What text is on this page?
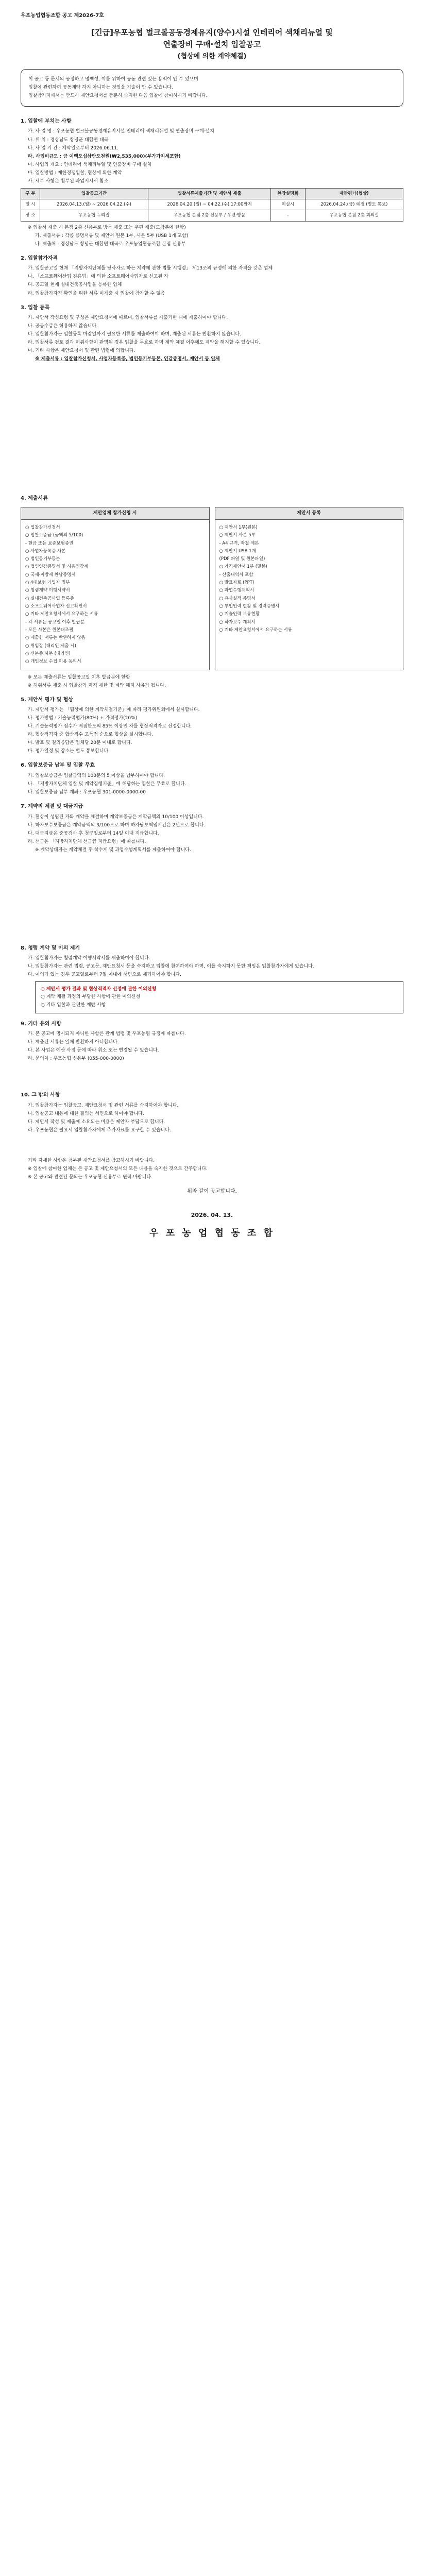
우포농업협동조합 공고 제2026-7호
[긴급]우포농협 벌크볼공동경제유지(양수)시설 인테리어 색채리뉴얼 및
연출장비 구매·설치 입찰공고
(협상에 의한 계약체결)

이 공고 등 문서의 공정하고 명백성, 이를 위하여 공동 관련 있는 용역이 안 수 있으며

입찰에 관련하여 공동계약 하지 아니하는 것임을 기술이 안 수 있습니다.

입찰참가자께서는 반드시 제안요청서를 충분히 숙지한 다음 입찰에 참여하시기 바랍니다.

1. 입찰에 부치는 사항
가. 사 업 명 : 우포농협 벌크볼공동경제유지시설 인테리어 색채리뉴얼 및 연출장비 구매·설치
나. 위 치 : 경상남도 창녕군 대합면 대곡
다. 사 업 기 간 : 계약일로부터 2026.06.11.
라. 사업비규모 : 금 이백오십삼만오천원(₩2,535,000)(부가가치세포함)
마. 사업의 개요 : 인테리어 색채리뉴얼 및 연출장비 구매 설치
바. 입찰방법 : 제한경쟁입찰, 협상에 의한 계약
사. 세부 사항은 첨부된 과업지시서 참조
구 분	입찰공고기간	입찰서류제출기간 및 제안서 제출	현장설명회	제안평가(협상)
일 시	2026.04.13.(월) ~ 2026.04.22.(수)	2026.04.20.(월) ~ 04.22.(수) 17:00까지	미실시	2026.04.24.(금) 예정 (별도 통보)
장 소	우포농협 누리집	우포농협 본점 2층 신용부 / 우편·방문	-	우포농협 본점 2층 회의실
※ 입찰서 제출 시 본점 2층 신용부로 방문 제출 또는 우편 제출(도착분에 한함)
가. 제출서류 : 각종 증명서류 및 제안서 원본 1부, 사본 5부 (USB 1개 포함)
나. 제출처 : 경상남도 창녕군 대합면 대곡로 우포농업협동조합 본점 신용부
2. 입찰참가자격
가. 입찰공고일 현재 「지방자치단체를 당사자로 하는 계약에 관한 법률 시행령」 제13조의 규정에 의한 자격을 갖춘 업체
나. 「소프트웨어산업 진흥법」에 의한 소프트웨어사업자로 신고된 자
다. 공고일 현재 실내건축공사업을 등록한 업체
라. 입찰참가자격 확인을 위한 서류 미제출 시 입찰에 참가할 수 없음
3. 입찰 등록
가. 제안서 작성요령 및 구성은 제안요청서에 따르며, 입찰서류를 제출기한 내에 제출하여야 합니다.
나. 공동수급은 허용하지 않습니다.
다. 입찰참가자는 입찰등록 마감일까지 필요한 서류를 제출하여야 하며, 제출된 서류는 반환하지 않습니다.
라. 입찰서류 검토 결과 허위사항이 판명된 경우 입찰을 무효로 하며 계약 체결 이후에도 계약을 해지할 수 있습니다.
마. 기타 사항은 제안요청서 및 관련 법령에 의합니다.
※ 제출서류 : 입찰참가신청서, 사업자등록증, 법인등기부등본, 인감증명서, 제안서 등 일체
4. 제출서류
제안업체 참가신청 시
○ 입찰참가신청서
○ 입찰보증금 (금액의 5/100)
- 현금 또는 보증보험증권
○ 사업자등록증 사본
○ 법인등기부등본
○ 법인인감증명서 및 사용인감계
○ 국세·지방세 완납증명서
○ 4대보험 가입자 명부
○ 청렴계약 이행서약서
○ 실내건축공사업 등록증
○ 소프트웨어사업자 신고확인서
○ 기타 제안요청서에서 요구하는 서류
- 각 서류는 공고일 이후 발급분
- 모든 사본은 원본대조필
○ 제출한 서류는 반환하지 않음
○ 위임장 (대리인 제출 시)
○ 신분증 사본 (대리인)
○ 개인정보 수집·이용 동의서
제안서 등록
○ 제안서 1부(원본)
○ 제안서 사본 5부
- A4 규격, 좌철 제본
○ 제안서 USB 1개
(PDF 파일 및 원본파일)
○ 가격제안서 1부 (밀봉)
- 산출내역서 포함
○ 발표자료 (PPT)
○ 과업수행계획서
○ 유사실적 증명서
○ 투입인력 현황 및 경력증명서
○ 기술인력 보유현황
○ 하자보수 계획서
○ 기타 제안요청서에서 요구하는 서류
※ 모든 제출서류는 입찰공고일 이후 발급분에 한함
※ 허위서류 제출 시 입찰참가 자격 제한 및 계약 해지 사유가 됩니다.
5. 제안서 평가 및 협상
가. 제안서 평가는 「협상에 의한 계약체결기준」에 따라 평가위원회에서 실시합니다.
나. 평가방법 : 기술능력평가(80%) + 가격평가(20%)
다. 기술능력평가 점수가 배점한도의 85% 이상인 자를 협상적격자로 선정합니다.
라. 협상적격자 중 합산점수 고득점 순으로 협상을 실시합니다.
마. 발표 및 질의응답은 업체당 20분 이내로 합니다.
바. 평가일정 및 장소는 별도 통보합니다.
6. 입찰보증금 납부 및 입찰 무효
가. 입찰보증금은 입찰금액의 100분의 5 이상을 납부하여야 합니다.
나. 「지방자치단체 입찰 및 계약집행기준」에 해당하는 입찰은 무효로 합니다.
다. 입찰보증금 납부 계좌 : 우포농협 301-0000-0000-00
7. 계약의 체결 및 대금지급
가. 협상이 성립된 자와 계약을 체결하며 계약보증금은 계약금액의 10/100 이상입니다.
나. 하자보수보증금은 계약금액의 3/100으로 하며 하자담보책임기간은 2년으로 합니다.
다. 대금지급은 준공검사 후 청구일로부터 14일 이내 지급합니다.
라. 선금은 「지방자치단체 선금급 지급요령」에 따릅니다.
※ 계약상대자는 계약체결 후 착수계 및 과업수행계획서를 제출하여야 합니다.
8. 청렴 계약 및 이의 제기
가. 입찰참가자는 청렴계약 이행서약서를 제출하여야 합니다.
나. 입찰참가자는 관련 법령, 공고문, 제안요청서 등을 숙지하고 입찰에 참여하여야 하며, 이를 숙지하지 못한 책임은 입찰참가자에게 있습니다.
다. 이의가 있는 경우 공고일로부터 7일 이내에 서면으로 제기하여야 합니다.

○ 제안서 평가 결과 및 협상적격자 선정에 관한 이의신청

○ 계약 체결 과정의 부당한 사항에 관한 이의신청

○ 기타 입찰과 관련한 제반 사항

9. 기타 유의 사항
가. 본 공고에 명시되지 아니한 사항은 관계 법령 및 우포농협 규정에 따릅니다.
나. 제출된 서류는 일체 반환하지 아니합니다.
다. 본 사업은 예산 사정 등에 따라 취소 또는 변경될 수 있습니다.
라. 문의처 : 우포농협 신용부 (055-000-0000)
10. 그 밖의 사항
가. 입찰참가자는 입찰공고, 제안요청서 및 관련 서류를 숙지하여야 합니다.
나. 입찰공고 내용에 대한 질의는 서면으로 하여야 합니다.
다. 제안서 작성 및 제출에 소요되는 비용은 제안자 부담으로 합니다.
라. 우포농협은 필요시 입찰참가자에게 추가자료를 요구할 수 있습니다.
기타 자세한 사항은 첨부된 제안요청서를 참고하시기 바랍니다.
※ 입찰에 참여한 업체는 본 공고 및 제안요청서의 모든 내용을 숙지한 것으로 간주합니다.
※ 본 공고와 관련된 문의는 우포농협 신용부로 연락 바랍니다.
위와 같이 공고합니다.
2026. 04. 13.
우 포 농 업 협 동 조 합
